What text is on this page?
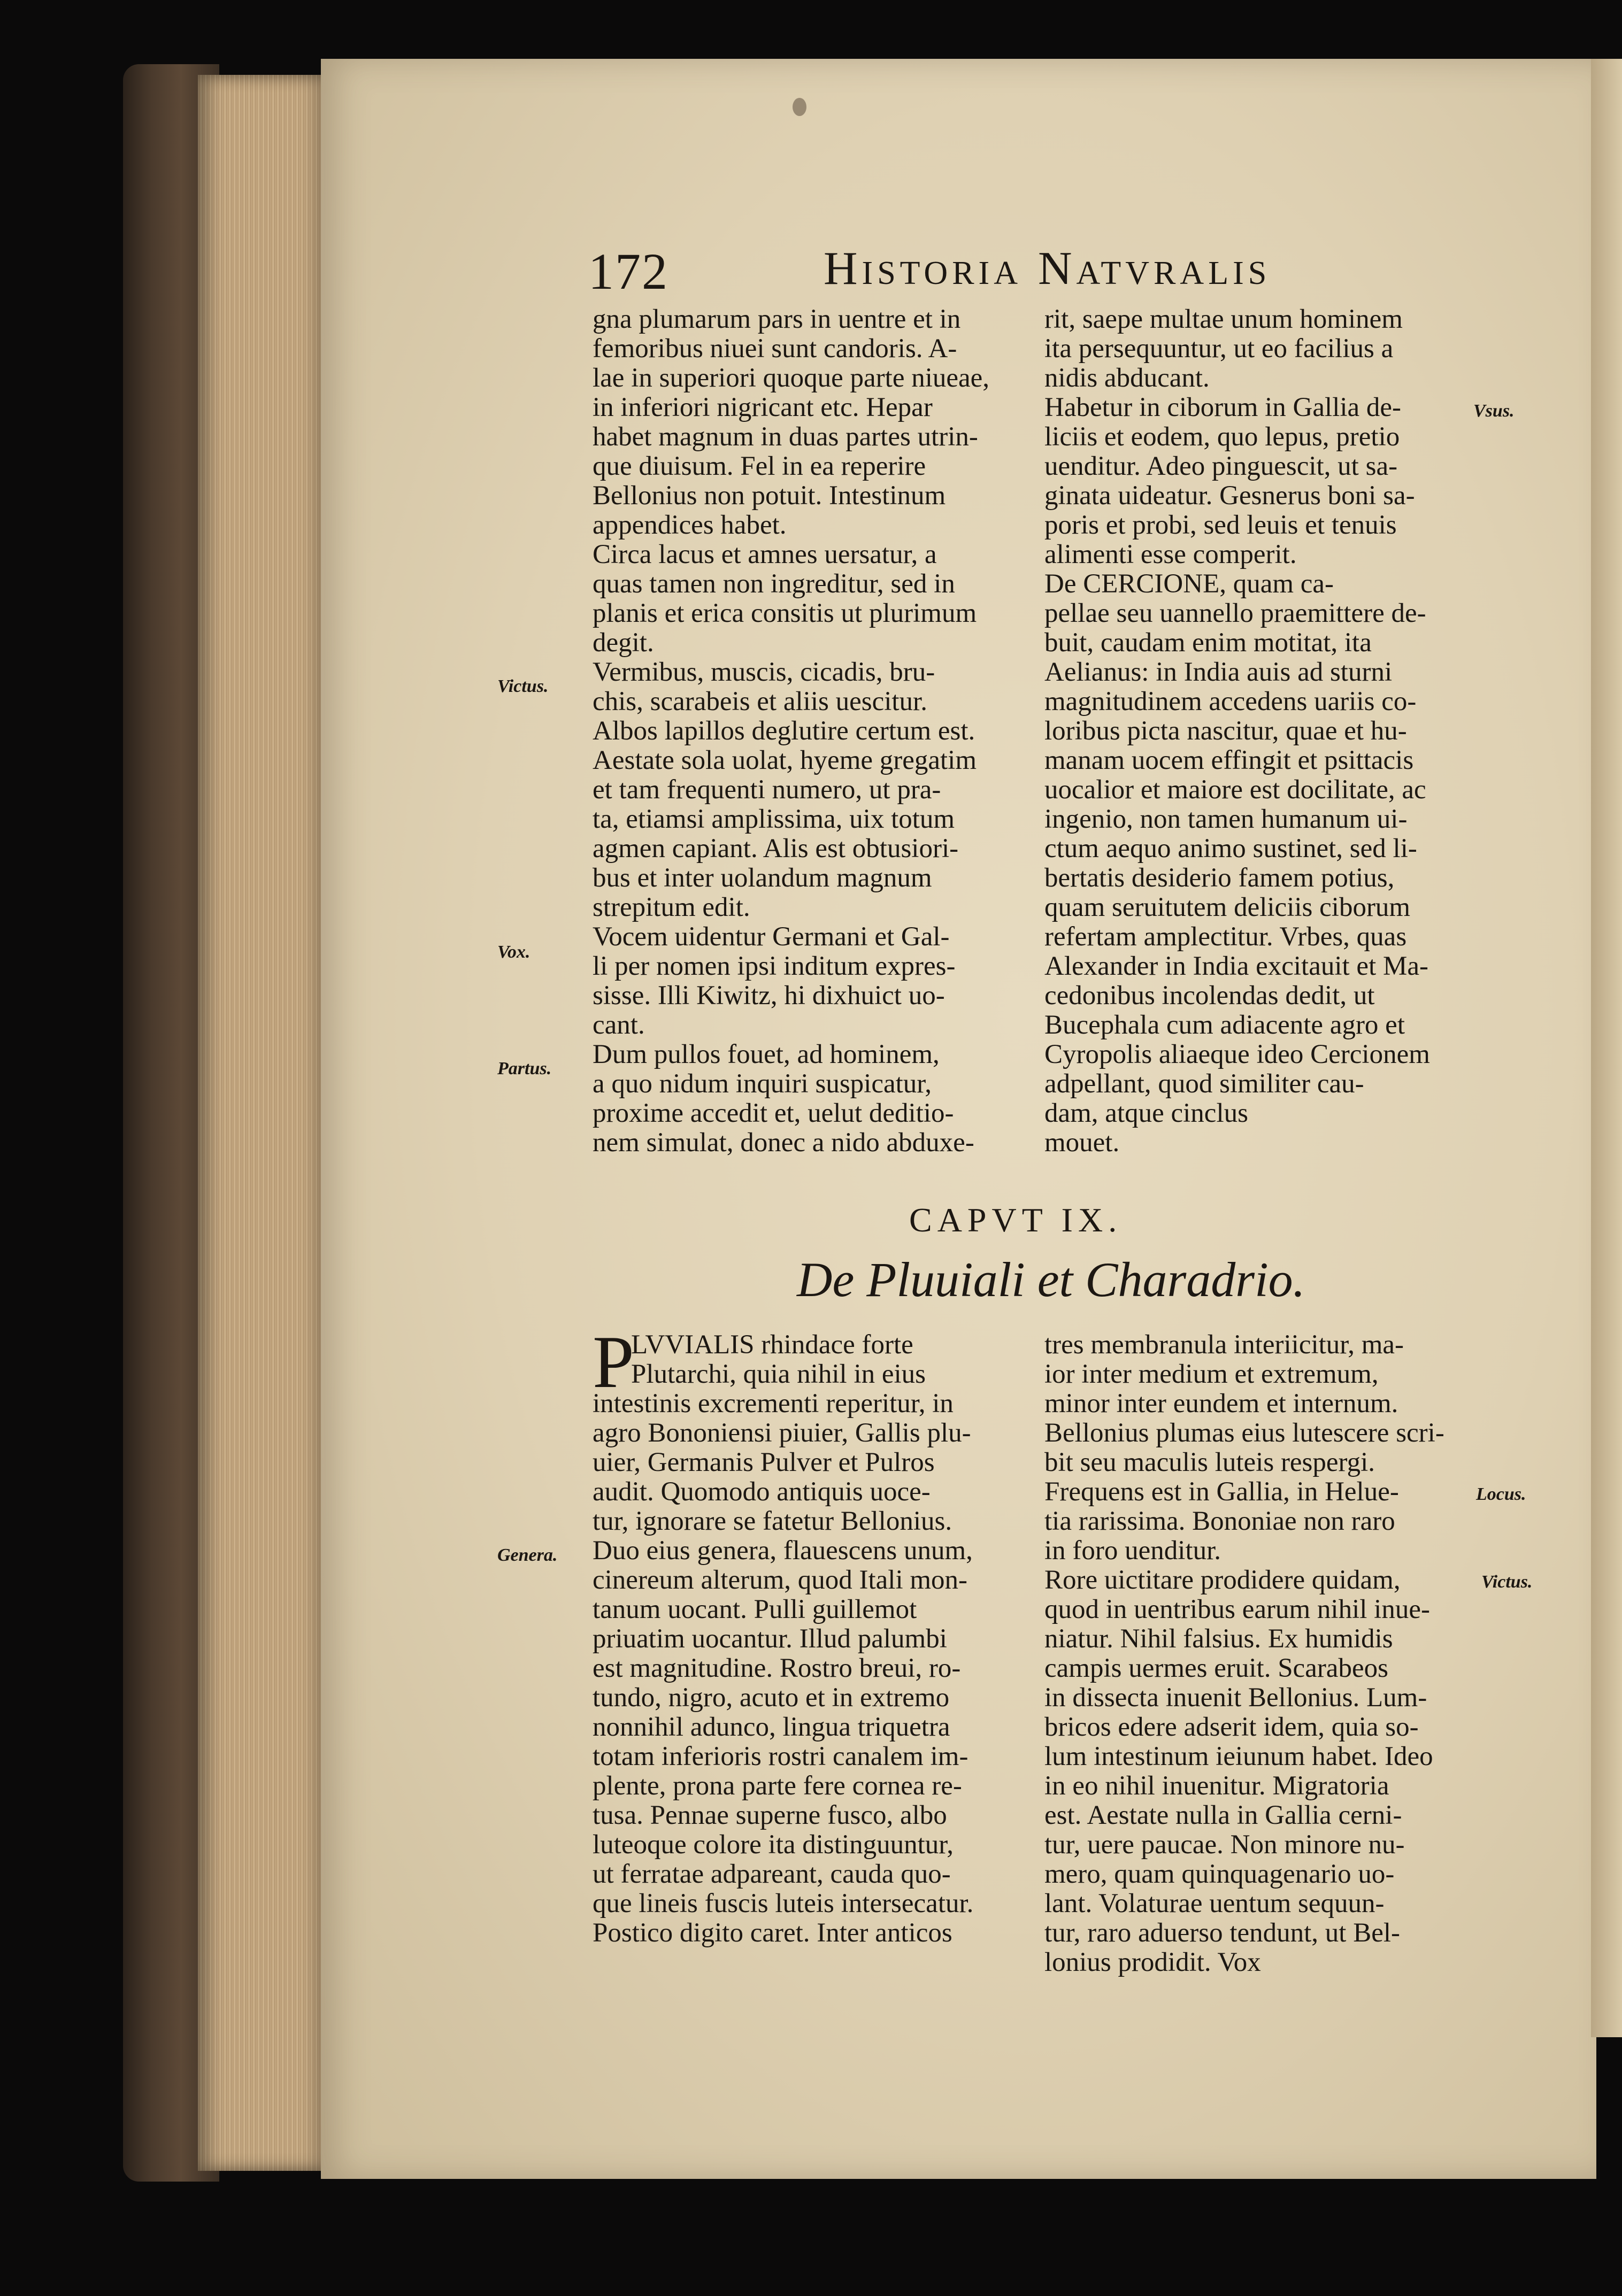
172	Historia Natvralis
gna plumarum pars in uentre et in
femoribus niuei sunt candoris. A-
lae in superiori quoque parte niueae,
in inferiori nigricant etc. Hepar
habet magnum in duas partes utrin-
que diuisum. Fel in ea reperire
Bellonius non potuit. Intestinum
appendices habet.
Circa lacus et amnes uersatur, a
quas tamen non ingreditur, sed in
planis et erica consitis ut plurimum
degit.
Vermibus, muscis, cicadis, bru-
chis, scarabeis et aliis uescitur.
Albos lapillos deglutire certum est.
Aestate sola uolat, hyeme gregatim
et tam frequenti numero, ut pra-
ta, etiamsi amplissima, uix totum
agmen capiant. Alis est obtusiori-
bus et inter uolandum magnum
strepitum edit.
Vocem uidentur Germani et Gal-
li per nomen ipsi inditum expres-
sisse. Illi Kiwitz, hi dixhuict uo-
cant.
Dum pullos fouet, ad hominem,
a quo nidum inquiri suspicatur,
proxime accedit et, uelut deditio-
nem simulat, donec a nido abduxe-
rit, saepe multae unum hominem
ita persequuntur, ut eo facilius a
nidis abducant.
Habetur in ciborum in Gallia de-
liciis et eodem, quo lepus, pretio
uenditur. Adeo pinguescit, ut sa-
ginata uideatur. Gesnerus boni sa-
poris et probi, sed leuis et tenuis
alimenti esse comperit.
De CERCIONE, quam ca-
pellae seu uannello praemittere de-
buit, caudam enim motitat, ita
Aelianus: in India auis ad sturni
magnitudinem accedens uariis co-
loribus picta nascitur, quae et hu-
manam uocem effingit et psittacis
uocalior et maiore est docilitate, ac
ingenio, non tamen humanum ui-
ctum aequo animo sustinet, sed li-
bertatis desiderio famem potius,
quam seruitutem deliciis ciborum
refertam amplectitur. Vrbes, quas
Alexander in India excitauit et Ma-
cedonibus incolendas dedit, ut
Bucephala cum adiacente agro et
Cyropolis aliaeque ideo Cercionem
adpellant, quod similiter cau-
dam, atque cinclus
mouet.
Victus.
Vox.
Partus.
Vsus.
CAPVT IX.
De Pluuiali et Charadrio.
P
LVVIALIS rhindace forte
Plutarchi, quia nihil in eius
intestinis excrementi reperitur, in
agro Bononiensi piuier, Gallis plu-
uier, Germanis Pulver et Pulros
audit. Quomodo antiquis uoce-
tur, ignorare se fatetur Bellonius.
Duo eius genera, flauescens unum,
cinereum alterum, quod Itali mon-
tanum uocant. Pulli guillemot
priuatim uocantur. Illud palumbi
est magnitudine. Rostro breui, ro-
tundo, nigro, acuto et in extremo
nonnihil adunco, lingua triquetra
totam inferioris rostri canalem im-
plente, prona parte fere cornea re-
tusa. Pennae superne fusco, albo
luteoque colore ita distinguuntur,
ut ferratae adpareant, cauda quo-
que lineis fuscis luteis intersecatur.
Postico digito caret. Inter anticos
tres membranula interiicitur, ma-
ior inter medium et extremum,
minor inter eundem et internum.
Bellonius plumas eius lutescere scri-
bit seu maculis luteis respergi.
Frequens est in Gallia, in Helue-
tia rarissima. Bononiae non raro
in foro uenditur.
Rore uictitare prodidere quidam,
quod in uentribus earum nihil inue-
niatur. Nihil falsius. Ex humidis
campis uermes eruit. Scarabeos
in dissecta inuenit Bellonius. Lum-
bricos edere adserit idem, quia so-
lum intestinum ieiunum habet. Ideo
in eo nihil inuenitur. Migratoria
est. Aestate nulla in Gallia cerni-
tur, uere paucae. Non minore nu-
mero, quam quinquagenario uo-
lant. Volaturae uentum sequun-
tur, raro aduerso tendunt, ut Bel-
lonius prodidit. Vox
Genera.
Locus.
Victus.
